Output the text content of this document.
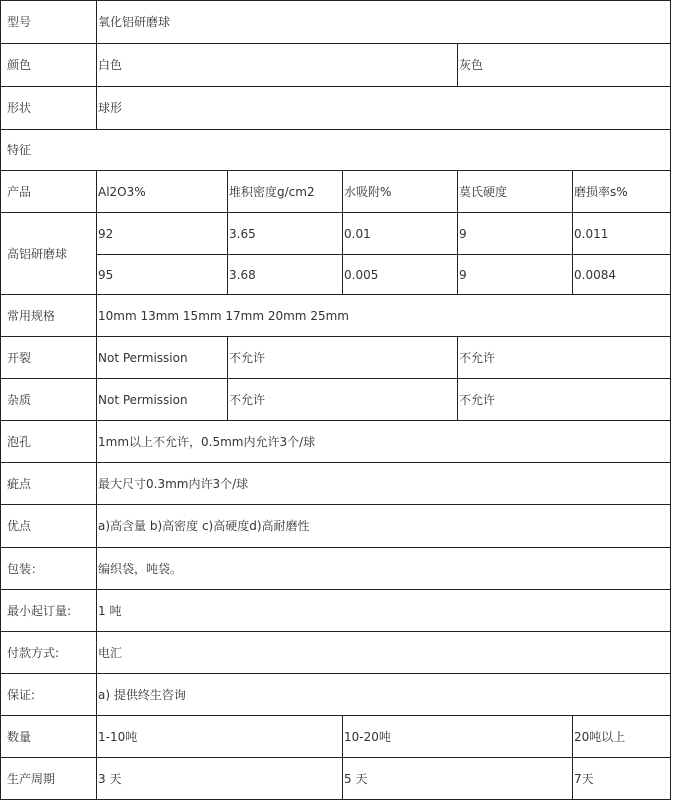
型号	氧化铝研磨球				
颜色	白色			灰色	
形状	球形				
特征					
产品	Al2O3%	堆积密度g/cm2	水吸附%	莫氏硬度	磨损率s%
高铝研磨球	92	3.65	0.01	9	0.011
	95	3.68	0.005	9	0.0084
常用规格	10mm 13mm 15mm 17mm 20mm 25mm				
开裂	Not Permission	不允许		不允许	
杂质	Not Permission	不允许		不允许	
泡孔	1mm以上不允许，0.5mm内允许3个/球				
疵点	最大尺寸0.3mm内许3个/球				
优点	a)高含量 b)高密度 c)高硬度d)高耐磨性				
包装：	编织袋，吨袋。				
最小起订量:	1 吨				
付款方式:	电汇				
保证:	a) 提供终生咨询				
数量	1-10吨		10-20吨		20吨以上
生产周期	3 天		5 天		7天
